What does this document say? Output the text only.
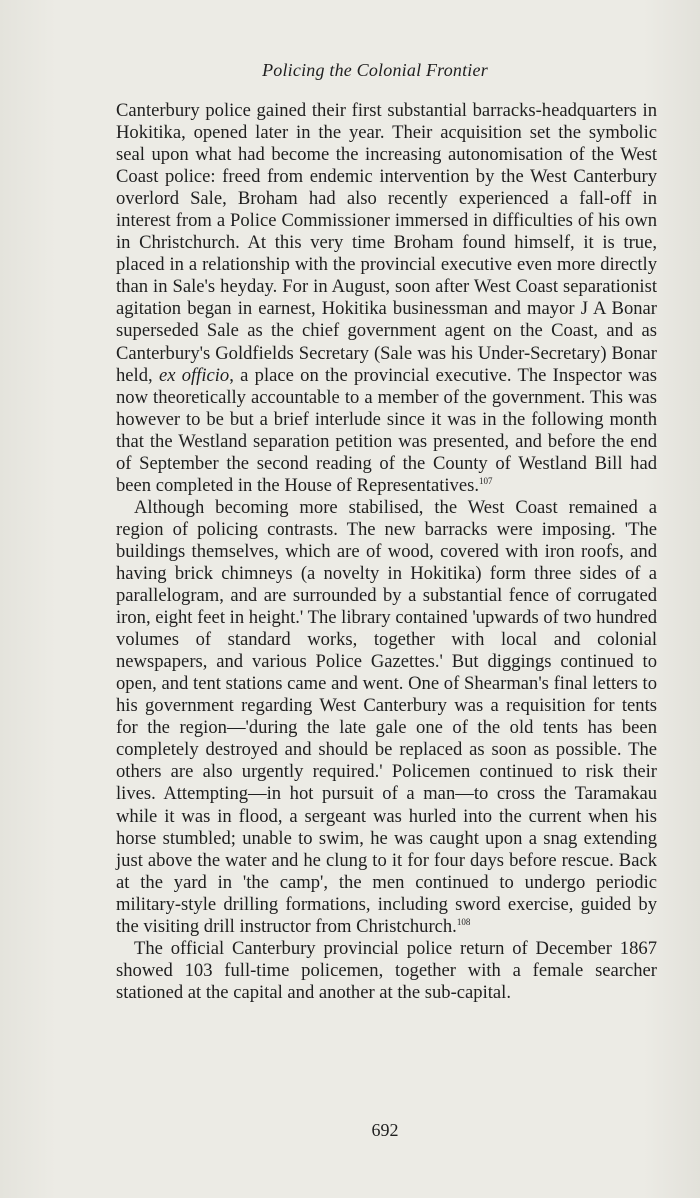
Policing the Colonial Frontier

Canterbury police gained their first substantial barracks-headquarters in Hokitika, opened later in the year. Their acquisition set the symbolic seal upon what had become the increasing autonomisation of the West Coast police: freed from endemic intervention by the West Canterbury overlord Sale, Broham had also recently experienced a fall-off in interest from a Police Commissioner immersed in difficulties of his own in Christchurch. At this very time Broham found himself, it is true, placed in a relationship with the provincial executive even more directly than in Sale's heyday. For in August, soon after West Coast separationist agitation began in earnest, Hokitika businessman and mayor J A Bonar superseded Sale as the chief government agent on the Coast, and as Canterbury's Goldfields Secretary (Sale was his Under-Secretary) Bonar held, ex officio, a place on the provincial executive. The Inspector was now theoretically accountable to a member of the government. This was however to be but a brief interlude since it was in the following month that the Westland separation petition was presented, and before the end of September the second reading of the County of Westland Bill had been completed in the House of Representatives.$^{107}$

Although becoming more stabilised, the West Coast remained a region of policing contrasts. The new barracks were imposing. 'The buildings themselves, which are of wood, covered with iron roofs, and having brick chimneys (a novelty in Hokitika) form three sides of a parallelogram, and are surrounded by a substantial fence of corrugated iron, eight feet in height.' The library contained 'upwards of two hundred volumes of standard works, together with local and colonial newspapers, and various Police Gazettes.' But diggings continued to open, and tent stations came and went. One of Shearman's final letters to his government regarding West Canterbury was a requisition for tents for the region—'during the late gale one of the old tents has been completely destroyed and should be replaced as soon as possible. The others are also urgently required.' Policemen continued to risk their lives. Attempting—in hot pursuit of a man—to cross the Taramakau while it was in flood, a sergeant was hurled into the current when his horse stumbled; unable to swim, he was caught upon a snag extending just above the water and he clung to it for four days before rescue. Back at the yard in 'the camp', the men continued to undergo periodic military-style drilling formations, including sword exercise, guided by the visiting drill instructor from Christchurch.$^{108}$

The official Canterbury provincial police return of December 1867 showed 103 full-time policemen, together with a female searcher stationed at the capital and another at the sub-capital.

692
